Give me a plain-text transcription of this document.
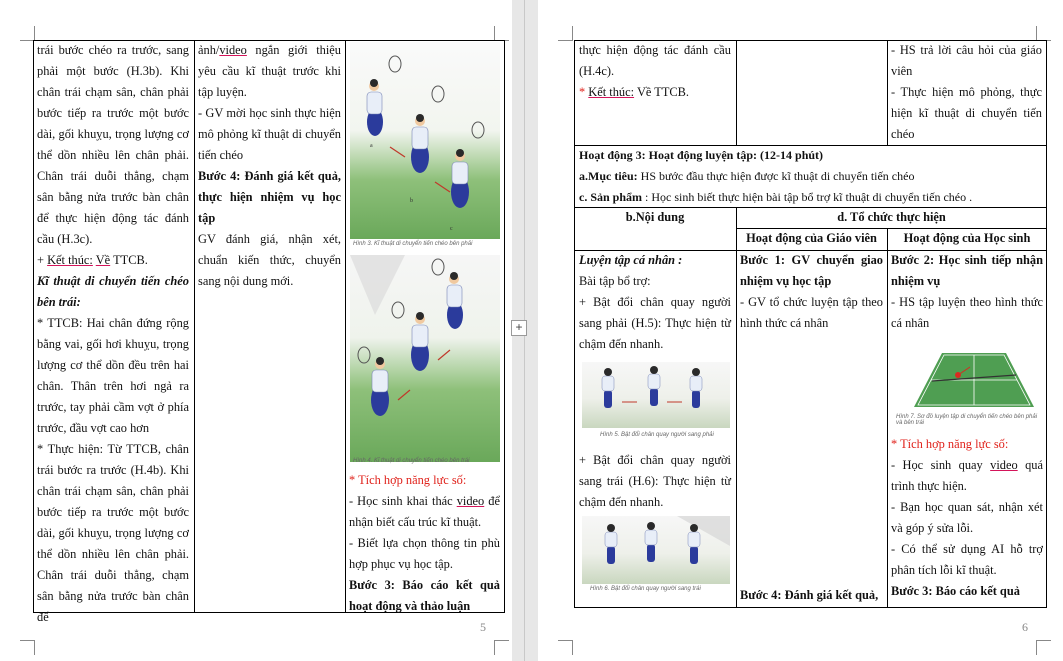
trái bước chéo ra trước, sang phải một bước (H.3b). Khi chân trái chạm sân, chân phải bước tiếp ra trước một bước dài, gối khuỵu, trọng lượng cơ thể dồn nhiều lên chân phải. Chân trái duỗi thẳng, chạm sân bằng nửa trước bàn chân để thực hiện động tác đánh cầu (H.3c).

+ Kết thúc: Về TTCB.

Kĩ thuật di chuyển tiến chéo bên trái:

* TTCB: Hai chân đứng rộng bằng vai, gối hơi khuỵu, trọng lượng cơ thể dồn đều trên hai chân. Thân trên hơi ngả ra trước, tay phải cầm vợt ở phía trước, đầu vợt cao hơn

* Thực hiện: Từ TTCB, chân trái bước ra trước (H.4b). Khi chân trái chạm sân, chân phải bước tiếp ra trước một bước dài, gối khuỵu, trọng lượng cơ thể dồn nhiều lên chân phải. Chân trái duỗi thẳng, chạm sân bằng nửa trước bàn chân để

ảnh/video ngắn giới thiệu yêu cầu kĩ thuật trước khi tập luyện.

- GV mời học sinh thực hiện mô phỏng kĩ thuật di chuyển tiến chéo

Bước 4: Đánh giá kết quả, thực hiện nhiệm vụ học tập

GV đánh giá, nhận xét, chuẩn kiến thức, chuyển sang nội dung mới.

a
b
c
Hình 3. Kĩ thuật di chuyển tiến chéo bên phải
Hình 4. Kĩ thuật di chuyển tiến chéo bên trái

* Tích hợp năng lực số:

- Học sinh khai thác video để nhận biết cấu trúc kĩ thuật.

- Biết lựa chọn thông tin phù hợp phục vụ học tập.

Bước 3: Báo cáo kết quả hoạt động và thảo luận

5
+

thực hiện động tác đánh cầu (H.4c).

* Kết thúc: Về TTCB.

- HS trả lời câu hỏi của giáo viên

- Thực hiện mô phỏng, thực hiện kĩ thuật di chuyển tiến chéo

Hoạt động 3: Hoạt động luyện tập: (12-14 phút)

a.Mục tiêu: HS bước đầu thực hiện được kĩ thuật di chuyển tiến chéo

c. Sản phẩm : Học sinh biết thực hiện bài tập bổ trợ kĩ thuật di chuyển tiến chéo .

b.Nội dung	d. Tổ chức thực hiện
Hoạt động của Giáo viên	Hoạt động của Học sinh

Luyện tập cá nhân :

Bài tập bổ trợ:

+ Bật đổi chân quay người sang phải (H.5): Thực hiện từ chậm đến nhanh.

Hình 5. Bật đổi chân quay người sang phải

+ Bật đổi chân quay người sang trái (H.6): Thực hiện từ chậm đến nhanh.

Hình 6. Bật đổi chân quay người sang trái

Bước 1: GV chuyển giao nhiệm vụ học tập

- GV tổ chức luyện tập theo hình thức cá nhân

Bước 4: Đánh giá kết quả,

Bước 2: Học sinh tiếp nhận nhiệm vụ

- HS tập luyện theo hình thức cá nhân

Hình 7. Sơ đồ luyện tập di chuyển tiến chéo bên phải và bên trái

* Tích hợp năng lực số:

- Học sinh quay video quá trình thực hiện.

- Bạn học quan sát, nhận xét và góp ý sửa lỗi.

- Có thể sử dụng AI hỗ trợ phân tích lỗi kĩ thuật.

Bước 3: Báo cáo kết quả

6
